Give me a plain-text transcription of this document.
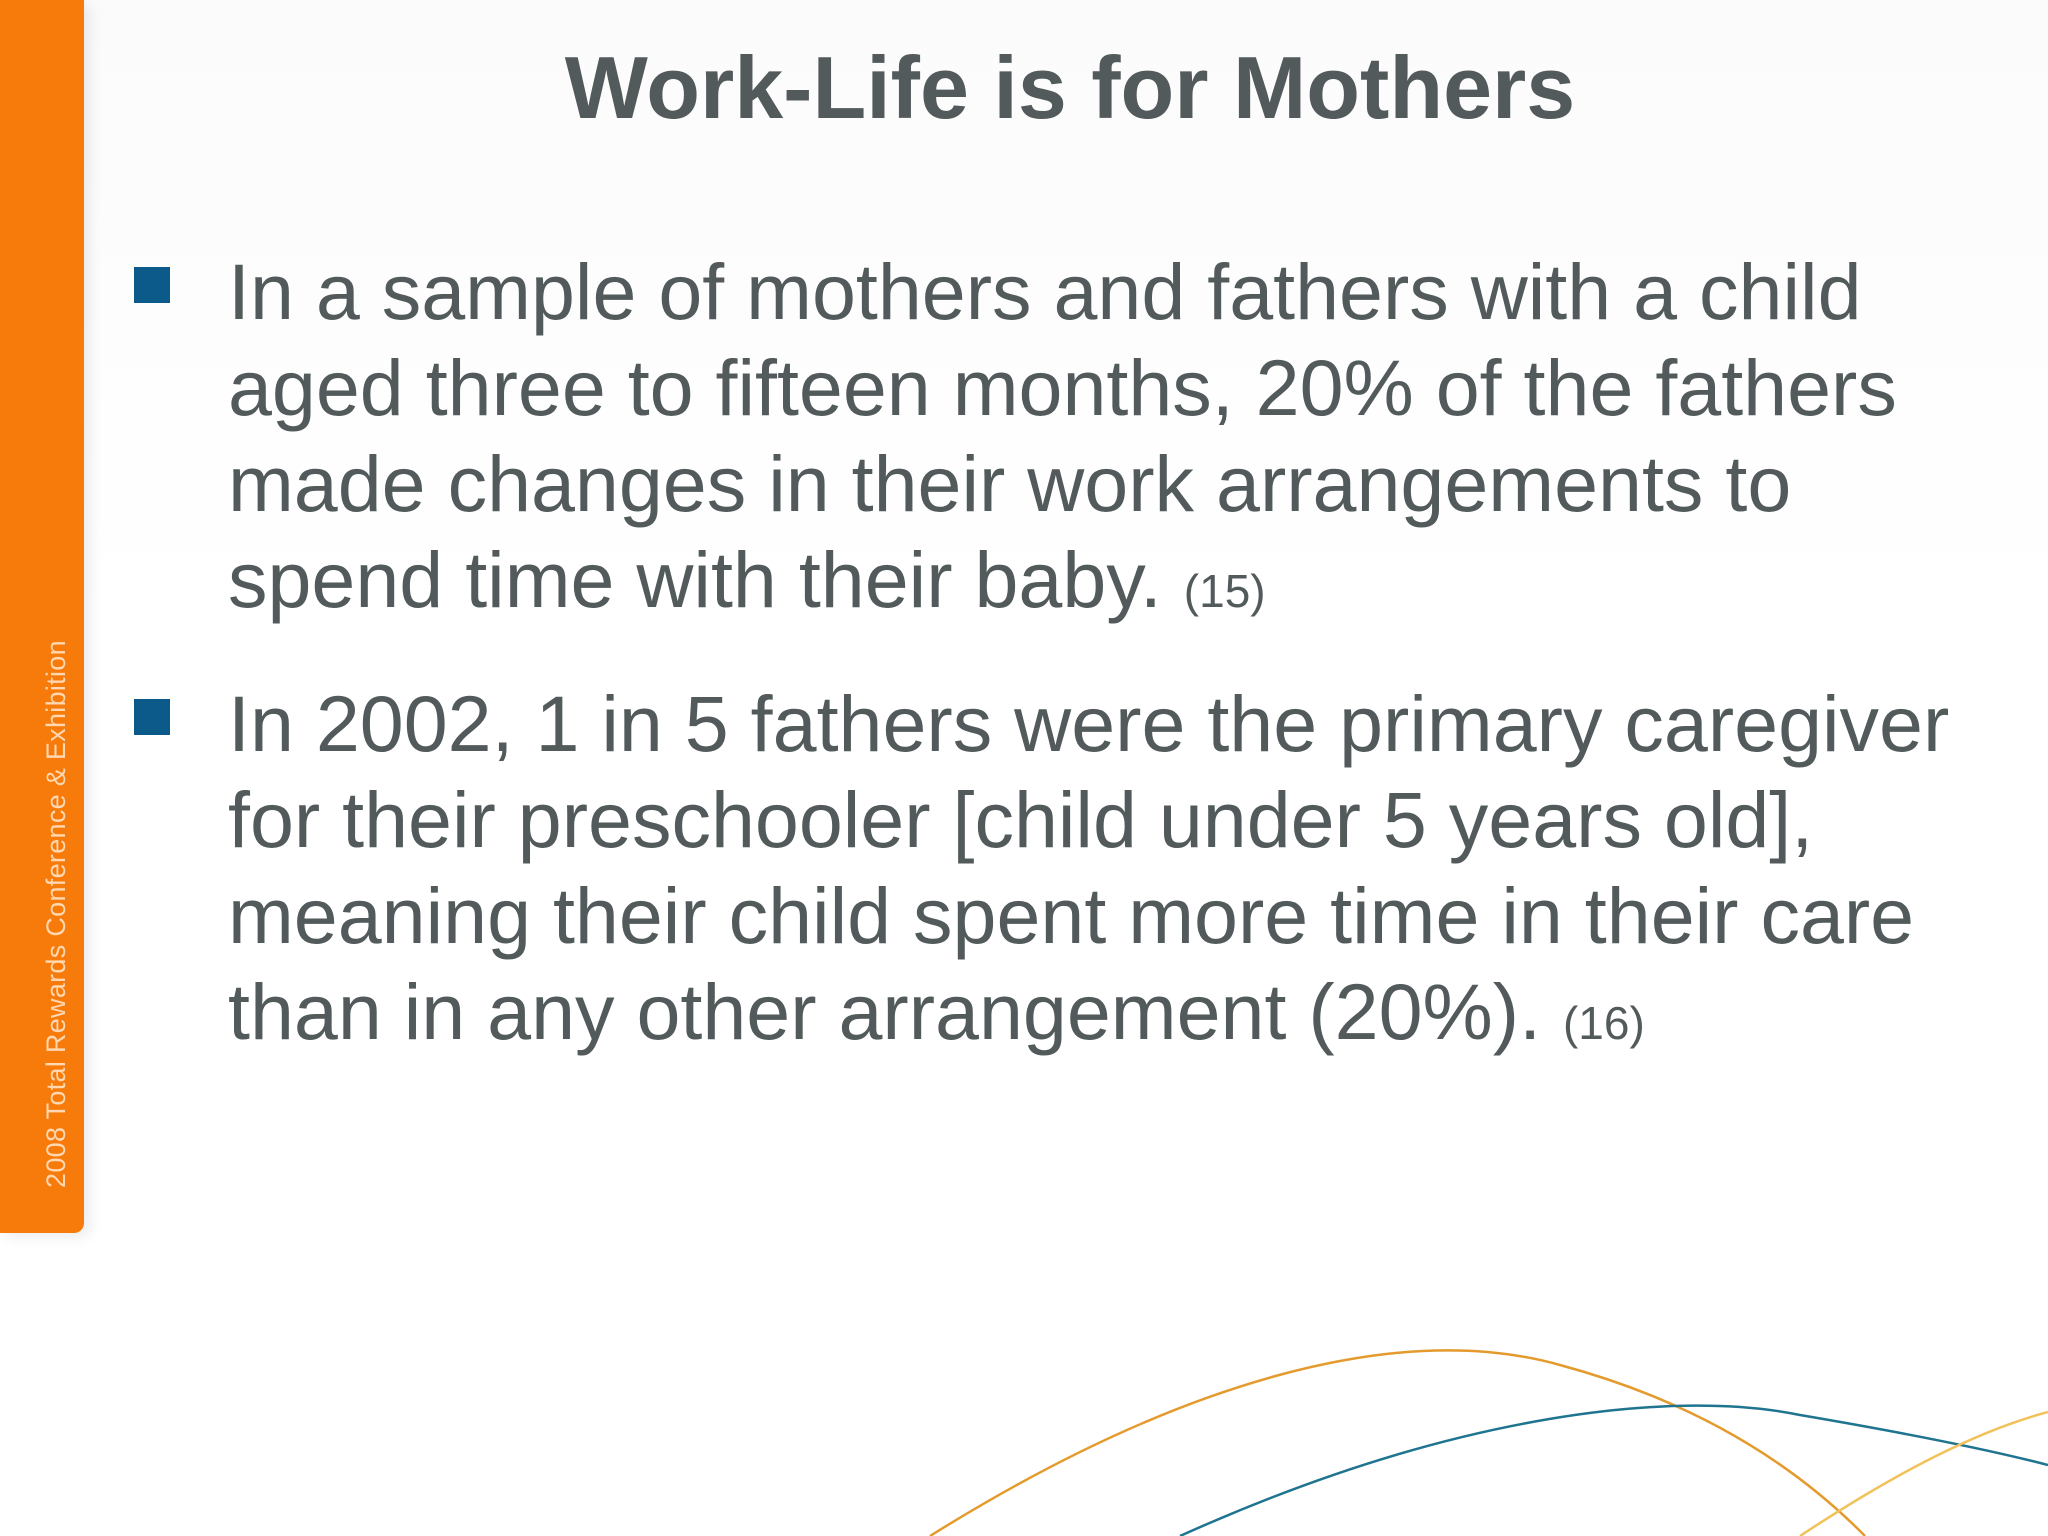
2008 Total Rewards Conference & Exhibition
Work-Life is for Mothers

In a sample of mothers and fathers with a child aged three to fifteen months, 20% of the fathers made changes in their work arrangements to spend time with their baby. (15)

In 2002, 1 in 5 fathers were the primary caregiver for their preschooler [child under 5 years old], meaning their child spent more time in their care than in any other arrangement (20%). (16)
